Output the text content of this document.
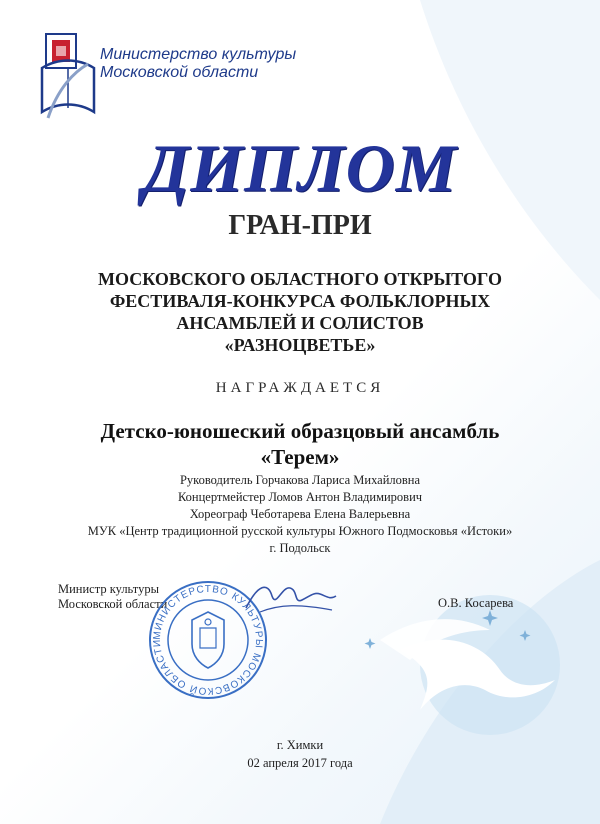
Министерство культуры
Московской области
ДИПЛОМ
ГРАН-ПРИ
МОСКОВСКОГО ОБЛАСТНОГО ОТКРЫТОГО
ФЕСТИВАЛЯ-КОНКУРСА ФОЛЬКЛОРНЫХ
АНСАМБЛЕЙ И СОЛИСТОВ
«РАЗНОЦВЕТЬЕ»
НАГРАЖДАЕТСЯ
Детско-юношеский образцовый ансамбль
«Терем»
Руководитель Горчакова Лариса Михайловна
Концертмейстер Ломов Антон Владимирович
Хореограф Чеботарева Елена Валерьевна
МУК «Центр традиционной русской культуры Южного Подмосковья «Истоки»
г. Подольск
Министр культуры
Московской области
МИНИСТЕРСТВО КУЛЬТУРЫ МОСКОВСКОЙ ОБЛАСТИ
О.В. Косарева
г. Химки
02 апреля 2017 года
